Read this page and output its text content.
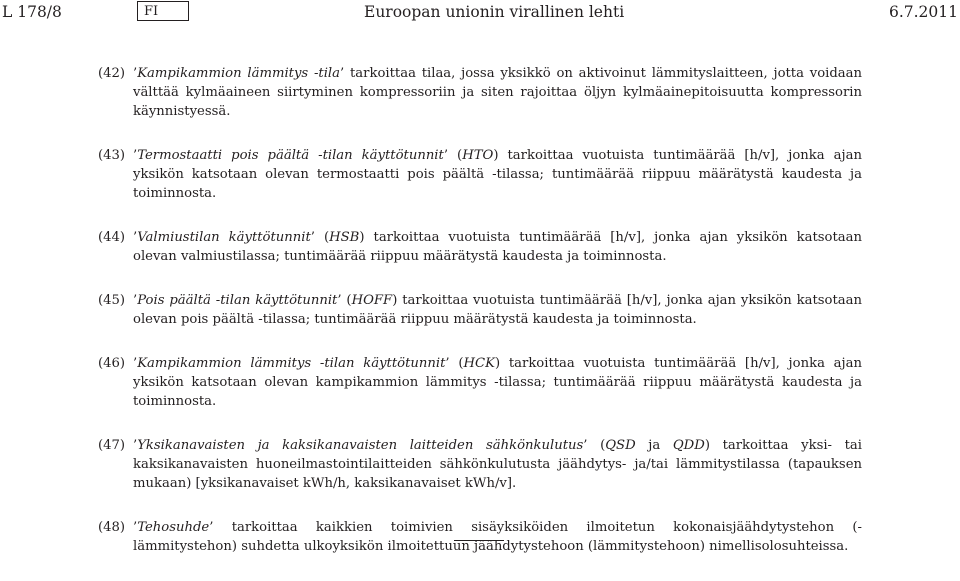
L 178/8	FI	Euroopan unionin virallinen lehti	6.7.2011
(42) ’Kampikammion lämmitys -tila’ tarkoittaa tilaa, jossa yksikkö on aktivoinut lämmityslaitteen, jotta voidaan välttää kylmäaineen siirtyminen kompressoriin ja siten rajoittaa öljyn kylmäainepitoisuutta kompressorin käynnistyessä.
(43) ’Termostaatti pois päältä -tilan käyttötunnit’ (HTO) tarkoittaa vuotuista tuntimäärää [h/v], jonka ajan yksikön katsotaan olevan termostaatti pois päältä -tilassa; tuntimäärää riippuu määrätystä kaudesta ja toiminnosta.
(44) ’Valmiustilan käyttötunnit’ (HSB) tarkoittaa vuotuista tuntimäärää [h/v], jonka ajan yksikön katsotaan olevan valmiustilassa; tuntimäärää riippuu määrätystä kaudesta ja toiminnosta.
(45) ’Pois päältä -tilan käyttötunnit’ (HOFF) tarkoittaa vuotuista tuntimäärää [h/v], jonka ajan yksikön katsotaan olevan pois päältä -tilassa; tuntimäärää riippuu määrätystä kaudesta ja toiminnosta.
(46) ’Kampikammion lämmitys -tilan käyttötunnit’ (HCK) tarkoittaa vuotuista tuntimäärää [h/v], jonka ajan yksikön katsotaan olevan kampikammion lämmitys -tilassa; tuntimäärää riippuu määrätystä kaudesta ja toiminnosta.
(47) ’Yksikanavaisten ja kaksikanavaisten laitteiden sähkönkulutus’ (QSD ja QDD) tarkoittaa yksi- tai kaksikanavaisten huoneilmastointilaitteiden sähkönkulutusta jäähdytys- ja/tai lämmitystilassa (tapauksen mukaan) [yksikanavaiset kWh/h, kaksikanavaiset kWh/v].
(48) ’Tehosuhde’ tarkoittaa kaikkien toimivien sisäyksiköiden ilmoitetun kokonaisjäähdytystehon (-lämmitystehon) suhdetta ulkoyksikön ilmoitettuun jäähdytystehoon (lämmitystehoon) nimellisolosuhteissa.
